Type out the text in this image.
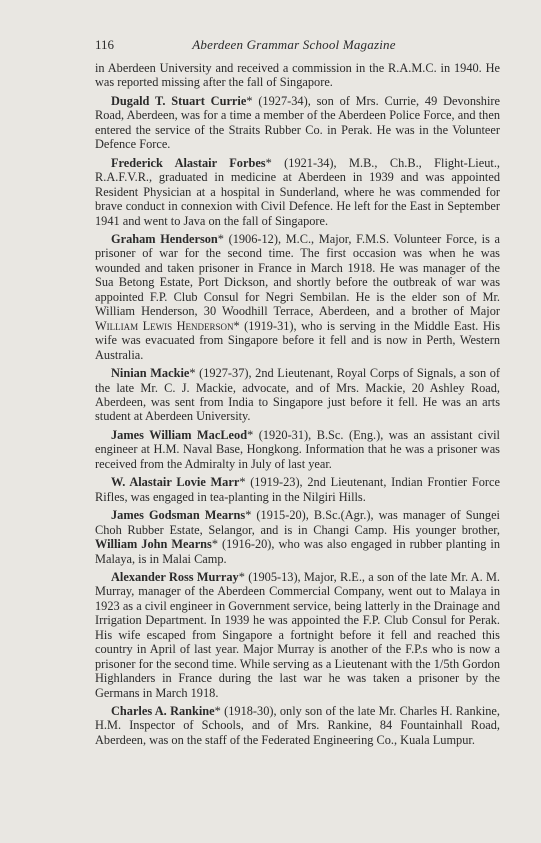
116	Aberdeen Grammar School Magazine

in Aberdeen University and received a commission in the R.A.M.C. in 1940. He was reported missing after the fall of Singapore.

Dugald T. Stuart Currie* (1927-34), son of Mrs. Currie, 49 Devonshire Road, Aberdeen, was for a time a member of the Aberdeen Police Force, and then entered the service of the Straits Rubber Co. in Perak. He was in the Volunteer Defence Force.

Frederick Alastair Forbes* (1921-34), M.B., Ch.B., Flight-Lieut., R.A.F.V.R., graduated in medicine at Aberdeen in 1939 and was appointed Resident Physician at a hospital in Sunderland, where he was commended for brave conduct in connexion with Civil Defence. He left for the East in September 1941 and went to Java on the fall of Singapore.

Graham Henderson* (1906-12), M.C., Major, F.M.S. Volunteer Force, is a prisoner of war for the second time. The first occasion was when he was wounded and taken prisoner in France in March 1918. He was manager of the Sua Betong Estate, Port Dickson, and shortly before the outbreak of war was appointed F.P. Club Consul for Negri Sembilan. He is the elder son of Mr. William Henderson, 30 Woodhill Terrace, Aberdeen, and a brother of Major William Lewis Henderson* (1919-31), who is serving in the Middle East. His wife was evacuated from Singapore before it fell and is now in Perth, Western Australia.

Ninian Mackie* (1927-37), 2nd Lieutenant, Royal Corps of Signals, a son of the late Mr. C. J. Mackie, advocate, and of Mrs. Mackie, 20 Ashley Road, Aberdeen, was sent from India to Singapore just before it fell. He was an arts student at Aberdeen University.

James William MacLeod* (1920-31), B.Sc. (Eng.), was an assistant civil engineer at H.M. Naval Base, Hongkong. Information that he was a prisoner was received from the Admiralty in July of last year.

W. Alastair Lovie Marr* (1919-23), 2nd Lieutenant, Indian Frontier Force Rifles, was engaged in tea-planting in the Nilgiri Hills.

James Godsman Mearns* (1915-20), B.Sc.(Agr.), was manager of Sungei Choh Rubber Estate, Selangor, and is in Changi Camp. His younger brother, William John Mearns* (1916-20), who was also engaged in rubber planting in Malaya, is in Malai Camp.

Alexander Ross Murray* (1905-13), Major, R.E., a son of the late Mr. A. M. Murray, manager of the Aberdeen Commercial Company, went out to Malaya in 1923 as a civil engineer in Government service, being latterly in the Drainage and Irrigation Department. In 1939 he was appointed the F.P. Club Consul for Perak. His wife escaped from Singapore a fortnight before it fell and reached this country in April of last year. Major Murray is another of the F.P.s who is now a prisoner for the second time. While serving as a Lieutenant with the 1/5th Gordon Highlanders in France during the last war he was taken a prisoner by the Germans in March 1918.

Charles A. Rankine* (1918-30), only son of the late Mr. Charles H. Rankine, H.M. Inspector of Schools, and of Mrs. Rankine, 84 Fountainhall Road, Aberdeen, was on the staff of the Federated Engineering Co., Kuala Lumpur.
